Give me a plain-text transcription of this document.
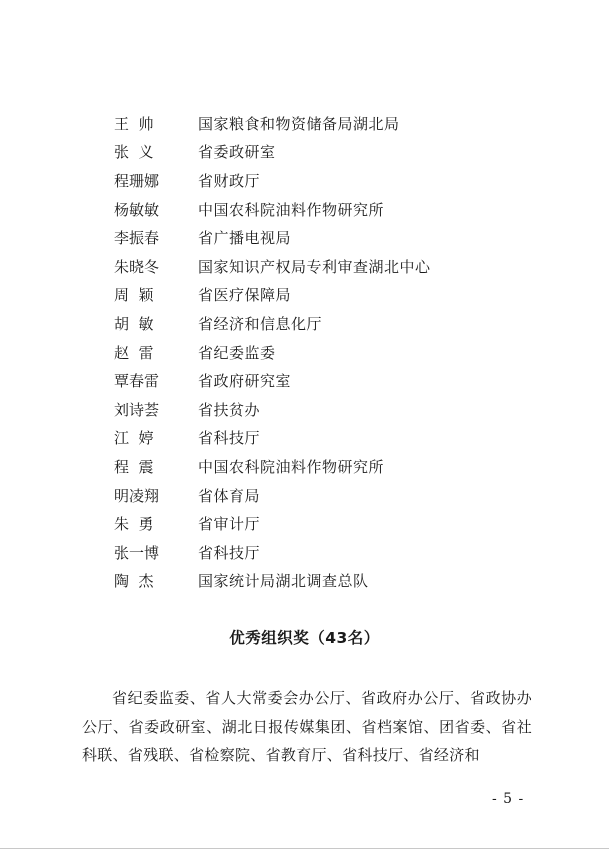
王  帅	国家粮食和物资储备局湖北局
张  义	省委政研室
程珊娜	省财政厅
杨敏敏	中国农科院油料作物研究所
李振春	省广播电视局
朱晓冬	国家知识产权局专利审查湖北中心
周  颖	省医疗保障局
胡  敏	省经济和信息化厅
赵  雷	省纪委监委
覃春雷	省政府研究室
刘诗荟	省扶贫办
江  婷	省科技厅
程  震	中国农科院油料作物研究所
明凌翔	省体育局
朱  勇	省审计厅
张一博	省科技厅
陶  杰	国家统计局湖北调查总队
优秀组织奖（43名）

省纪委监委、省人大常委会办公厅、省政府办公厅、省政协办公厅、省委政研室、湖北日报传媒集团、省档案馆、团省委、省社科联、省残联、省检察院、省教育厅、省科技厅、省经济和

- 5 -
